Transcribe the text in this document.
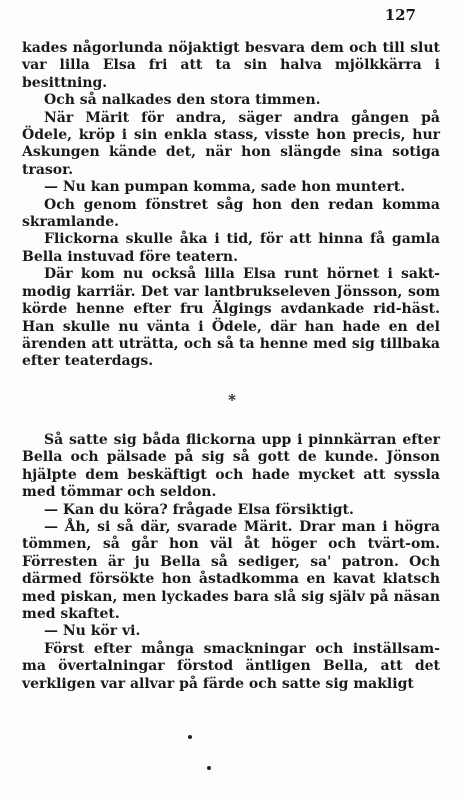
127

kades någorlunda nöjaktigt besvara dem och till slut var lilla Elsa fri att ta sin halva mjölkkärra i besittning.

Och så nalkades den stora timmen.

När Märit för andra, säger andra gången på Ödele, kröp i sin enkla stass, visste hon precis, hur Askungen kände det, när hon slängde sina sotiga trasor.

— Nu kan pumpan komma, sade hon muntert.

Och genom fönstret såg hon den redan komma skramlande.

Flickorna skulle åka i tid, för att hinna få gamla Bella instuvad före teatern.

Där kom nu också lilla Elsa runt hörnet i sakt-modig karriär. Det var lantbrukseleven Jönsson, som körde henne efter fru Älgings avdankade rid-häst. Han skulle nu vänta i Ödele, där han hade en del ärenden att uträtta, och så ta henne med sig tillbaka efter teaterdags.

*

Så satte sig båda flickorna upp i pinnkärran efter Bella och pälsade på sig så gott de kunde. Jönson hjälpte dem beskäftigt och hade mycket att syssla med tömmar och seldon.

— Kan du köra? frågade Elsa försiktigt.

— Åh, si så där, svarade Märit. Drar man i högra tömmen, så går hon väl åt höger och tvärt-om. Förresten är ju Bella så sediger, sa' patron. Och därmed försökte hon åstadkomma en kavat klatsch med piskan, men lyckades bara slå sig själv på näsan med skaftet.

— Nu kör vi.

Först efter många smackningar och inställsam-ma övertalningar förstod äntligen Bella, att det verkligen var allvar på färde och satte sig makligt
